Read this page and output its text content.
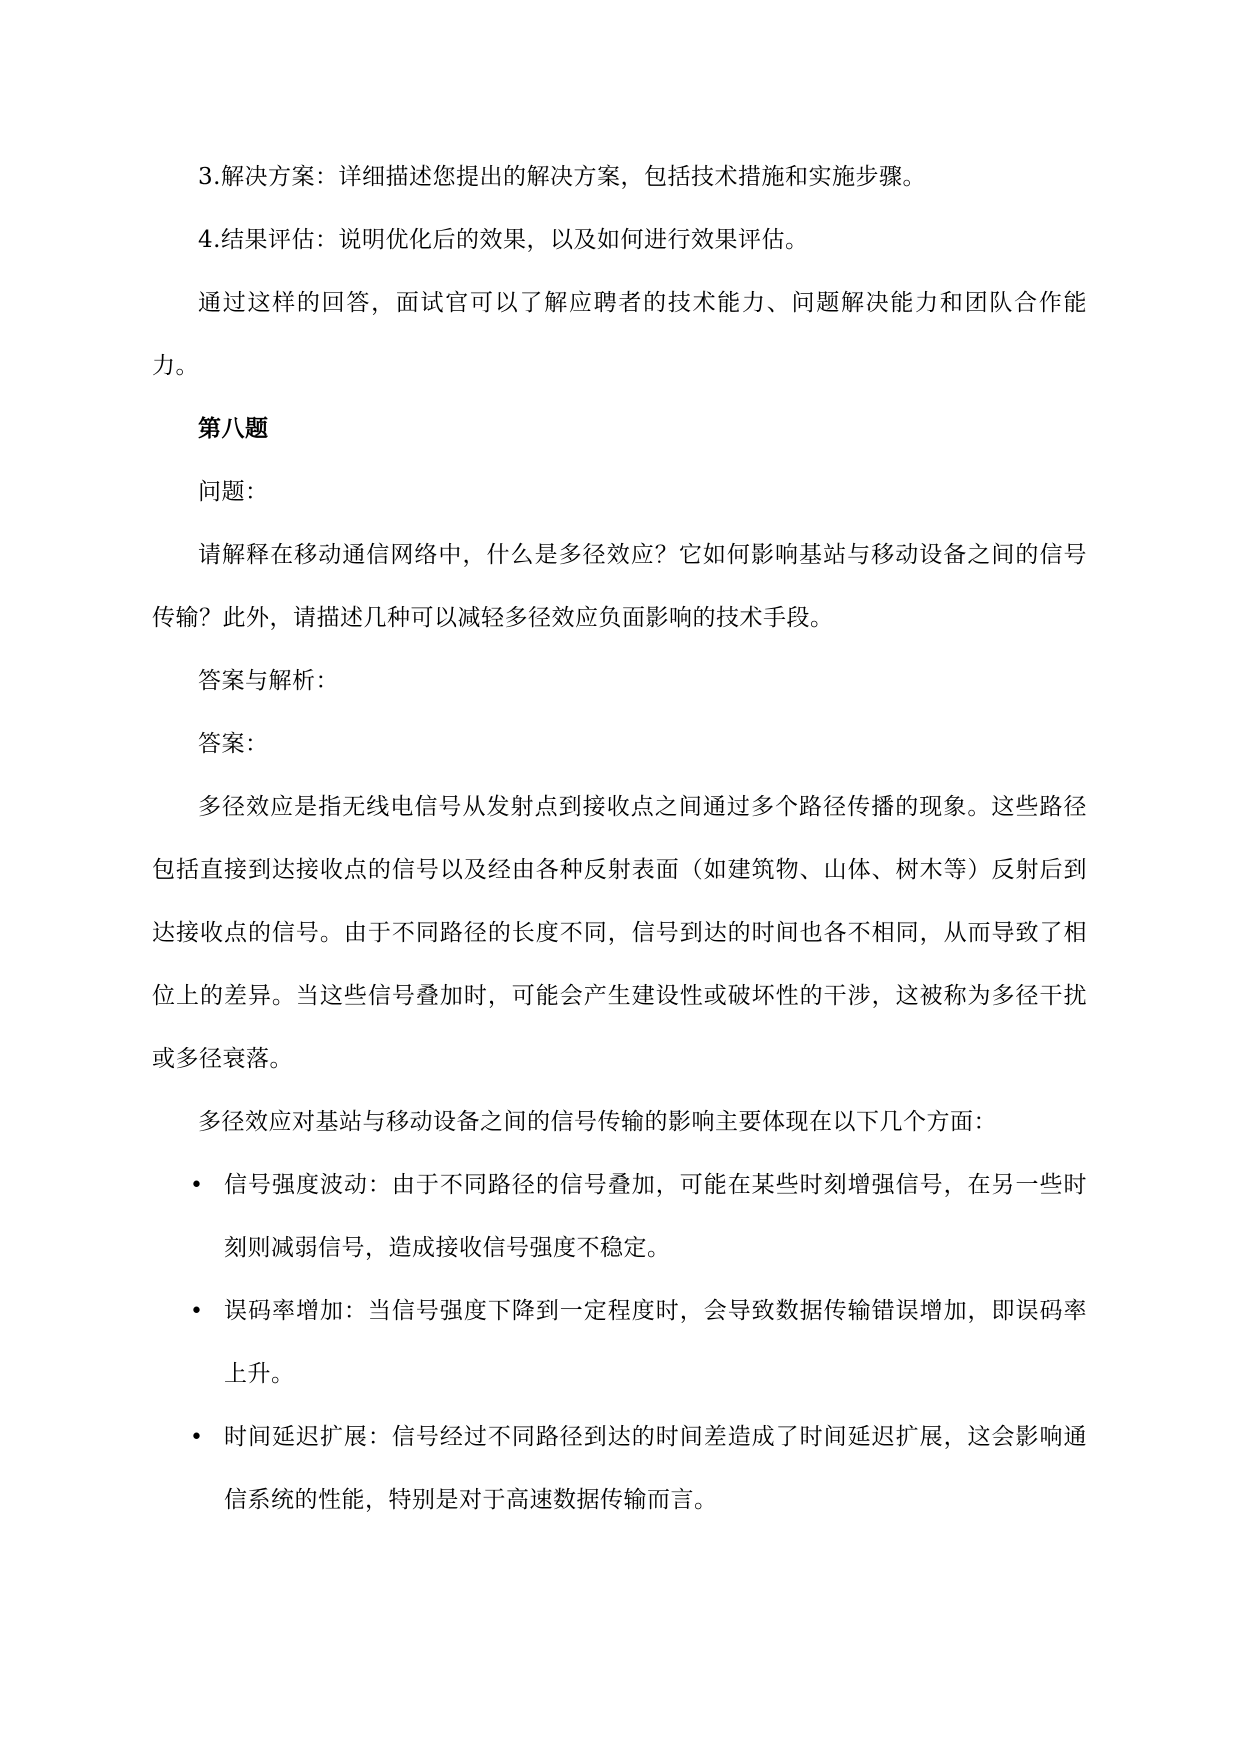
3.解决方案：详细描述您提出的解决方案，包括技术措施和实施步骤。

4.结果评估：说明优化后的效果，以及如何进行效果评估。

通过这样的回答，面试官可以了解应聘者的技术能力、问题解决能力和团队合作能力。

第八题

问题：

请解释在移动通信网络中，什么是多径效应？它如何影响基站与移动设备之间的信号传输？此外，请描述几种可以减轻多径效应负面影响的技术手段。

答案与解析：

答案：

多径效应是指无线电信号从发射点到接收点之间通过多个路径传播的现象。这些路径包括直接到达接收点的信号以及经由各种反射表面（如建筑物、山体、树木等）反射后到达接收点的信号。由于不同路径的长度不同，信号到达的时间也各不相同，从而导致了相位上的差异。当这些信号叠加时，可能会产生建设性或破坏性的干涉，这被称为多径干扰或多径衰落。

多径效应对基站与移动设备之间的信号传输的影响主要体现在以下几个方面：

• 信号强度波动：由于不同路径的信号叠加，可能在某些时刻增强信号，在另一些时刻则减弱信号，造成接收信号强度不稳定。
• 误码率增加：当信号强度下降到一定程度时，会导致数据传输错误增加，即误码率上升。
• 时间延迟扩展：信号经过不同路径到达的时间差造成了时间延迟扩展，这会影响通信系统的性能，特别是对于高速数据传输而言。
